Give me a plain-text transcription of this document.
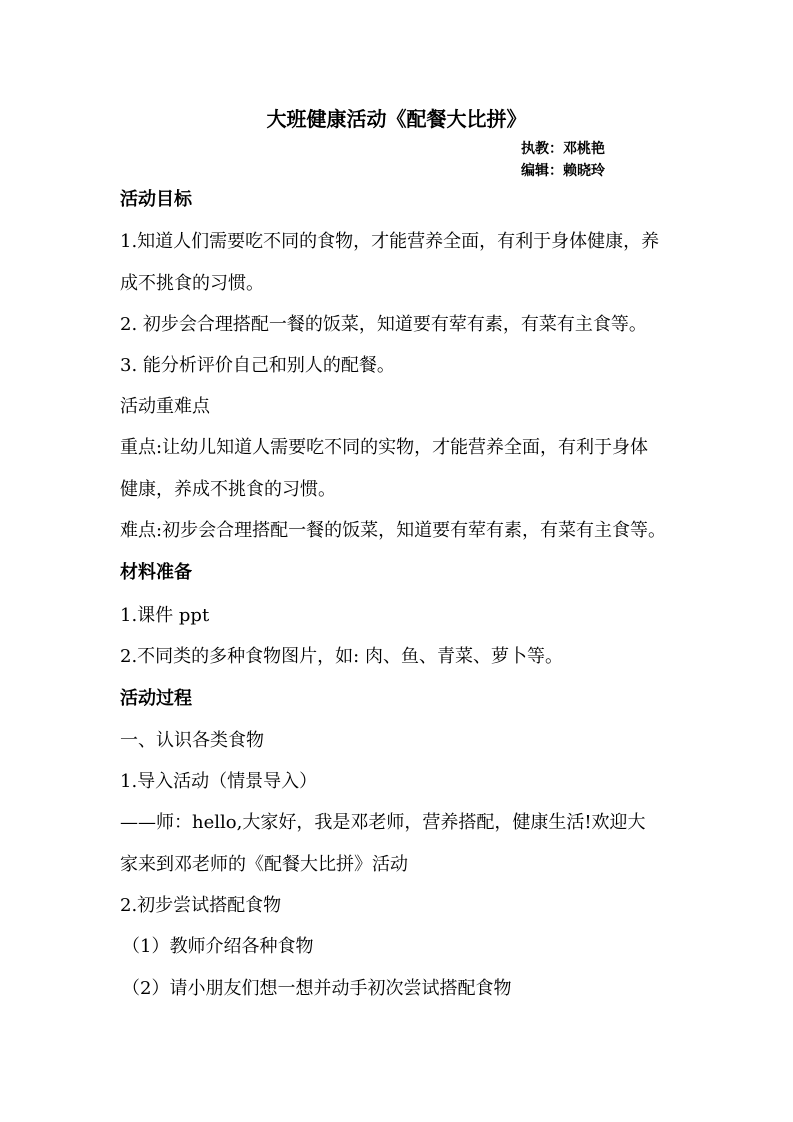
大班健康活动《配餐大比拼》
执教：邓桃艳
编辑：赖晓玲
活动目标
1.知道人们需要吃不同的食物，才能营养全面，有利于身体健康，养
成不挑食的习惯。
2. 初步会合理搭配一餐的饭菜，知道要有荤有素，有菜有主食等。
3. 能分析评价自己和别人的配餐。
活动重难点
重点:让幼儿知道人需要吃不同的实物，才能营养全面，有利于身体
健康，养成不挑食的习惯。
难点:初步会合理搭配一餐的饭菜，知道要有荤有素，有菜有主食等。
材料准备
1.课件 ppt
2.不同类的多种食物图片，如: 肉、鱼、青菜、萝卜等。
活动过程
一、认识各类食物
1.导入活动（情景导入）
——师：hello,大家好，我是邓老师，营养搭配，健康生活!欢迎大
家来到邓老师的《配餐大比拼》活动
2.初步尝试搭配食物
（1）教师介绍各种食物
（2）请小朋友们想一想并动手初次尝试搭配食物
